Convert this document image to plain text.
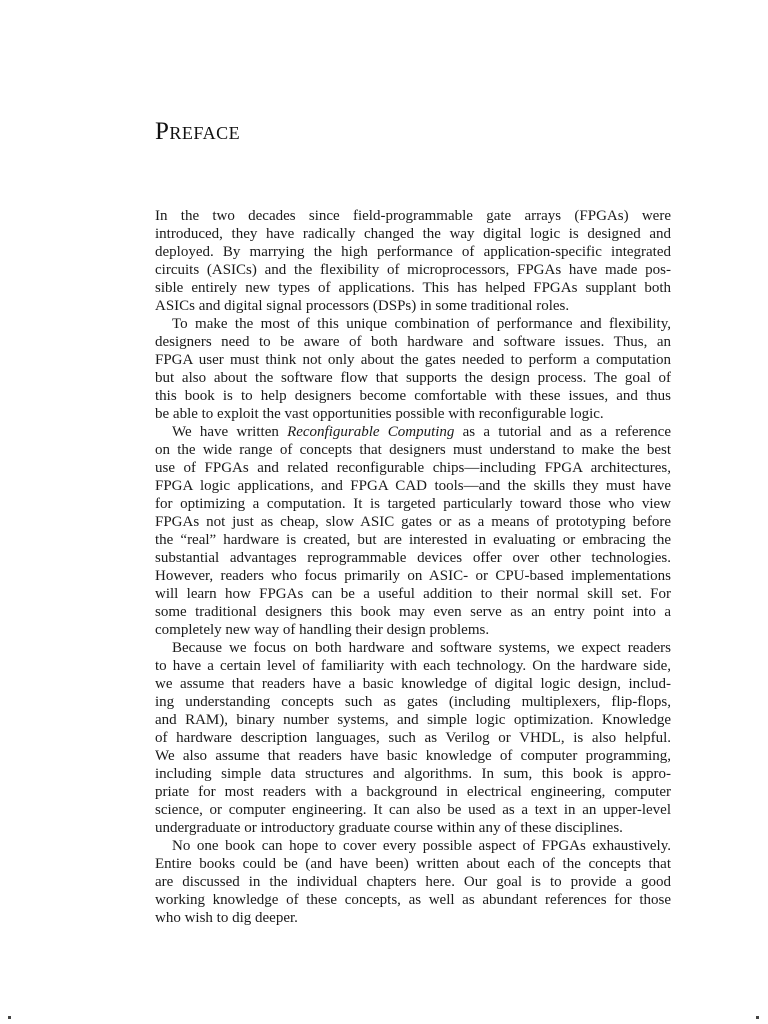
Preface
In the two decades since field-programmable gate arrays (FPGAs) were
introduced, they have radically changed the way digital logic is designed and
deployed. By marrying the high performance of application-specific integrated
circuits (ASICs) and the flexibility of microprocessors, FPGAs have made pos-
sible entirely new types of applications. This has helped FPGAs supplant both
ASICs and digital signal processors (DSPs) in some traditional roles.
To make the most of this unique combination of performance and flexibility,
designers need to be aware of both hardware and software issues. Thus, an
FPGA user must think not only about the gates needed to perform a computation
but also about the software flow that supports the design process. The goal of
this book is to help designers become comfortable with these issues, and thus
be able to exploit the vast opportunities possible with reconfigurable logic.
We have written Reconfigurable Computing as a tutorial and as a reference
on the wide range of concepts that designers must understand to make the best
use of FPGAs and related reconfigurable chips—including FPGA architectures,
FPGA logic applications, and FPGA CAD tools—and the skills they must have
for optimizing a computation. It is targeted particularly toward those who view
FPGAs not just as cheap, slow ASIC gates or as a means of prototyping before
the “real” hardware is created, but are interested in evaluating or embracing the
substantial advantages reprogrammable devices offer over other technologies.
However, readers who focus primarily on ASIC- or CPU-based implementations
will learn how FPGAs can be a useful addition to their normal skill set. For
some traditional designers this book may even serve as an entry point into a
completely new way of handling their design problems.
Because we focus on both hardware and software systems, we expect readers
to have a certain level of familiarity with each technology. On the hardware side,
we assume that readers have a basic knowledge of digital logic design, includ-
ing understanding concepts such as gates (including multiplexers, flip-flops,
and RAM), binary number systems, and simple logic optimization. Knowledge
of hardware description languages, such as Verilog or VHDL, is also helpful.
We also assume that readers have basic knowledge of computer programming,
including simple data structures and algorithms. In sum, this book is appro-
priate for most readers with a background in electrical engineering, computer
science, or computer engineering. It can also be used as a text in an upper-level
undergraduate or introductory graduate course within any of these disciplines.
No one book can hope to cover every possible aspect of FPGAs exhaustively.
Entire books could be (and have been) written about each of the concepts that
are discussed in the individual chapters here. Our goal is to provide a good
working knowledge of these concepts, as well as abundant references for those
who wish to dig deeper.
